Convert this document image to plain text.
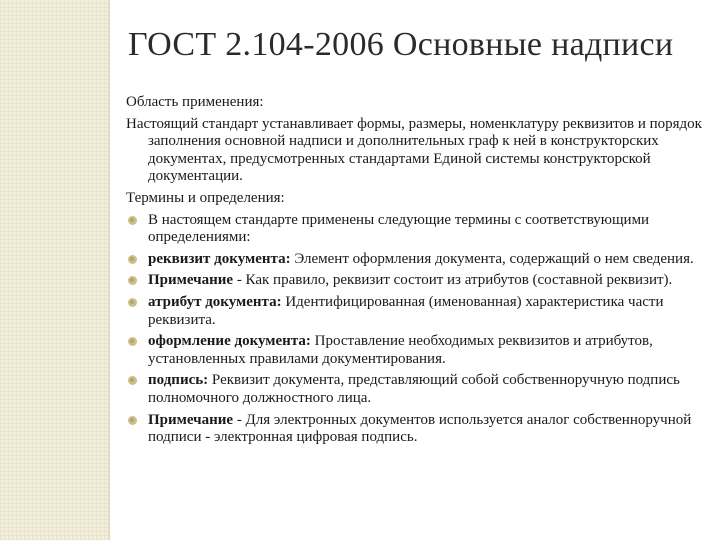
ГОСТ 2.104-2006 Основные надписи

Область применения:

Настоящий стандарт устанавливает формы, размеры, номенклатуру реквизитов и порядок заполнения основной надписи и дополнительных граф к ней в конструкторских документах, предусмотренных стандартами Единой системы конструкторской документации.

Термины и определения:

В настоящем стандарте применены следующие термины с соответствующими определениями:
реквизит документа: Элемент оформления документа, содержащий о нем сведения.
Примечание - Как правило, реквизит состоит из атрибутов (составной реквизит).
атрибут документа: Идентифицированная (именованная) характеристика части реквизита.
оформление документа: Проставление необходимых реквизитов и атрибутов, установленных правилами документирования.
подпись: Реквизит документа, представляющий собой собственноручную подпись полномочного должностного лица.
Примечание - Для электронных документов используется аналог собственноручной подписи - электронная цифровая подпись.
